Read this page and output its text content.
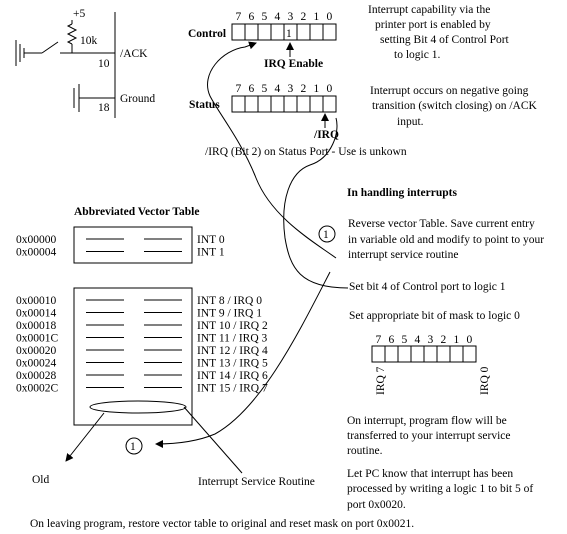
+5
10k
10
/ACK
18
Ground
Control
7 6 5 4 3 2 1 0
1
IRQ Enable
Status
7 6 5 4 3 2 1 0
/IRQ
/IRQ (Bit 2) on Status Port - Use is unkown
Interrupt capability via the
printer port is enabled by
setting Bit 4 of Control Port
to logic 1.
Interrupt occurs on negative going
transition (switch closing) on /ACK
input.
Abbreviated Vector Table
0x00000	INT 0
0x00004	INT 1
0x00010	INT 8 / IRQ 0
0x00014	INT 9 / IRQ 1
0x00018	INT 10 / IRQ 2
0x0001C	INT 11 / IRQ 3
0x00020	INT 12 / IRQ 4
0x00024	INT 13 / IRQ 5
0x00028	INT 14 / IRQ 6
0x0002C	INT 15 / IRQ 7
Old	Interrupt Service Routine
1
In handling interrupts
1
Reverse vector Table. Save current entry
in variable old and modify to point to your
interrupt service routine
Set bit 4 of Control port to logic 1
Set appropriate bit of mask to logic 0
7 6 5 4 3 2 1 0
IRQ 7	IRQ 0
On interrupt, program flow will be
transferred to your interrupt service
routine.
Let PC know that interrupt has been
processed by writing a logic 1 to bit 5 of
port 0x0020.
On leaving program, restore vector table to original and reset mask on port 0x0021.
